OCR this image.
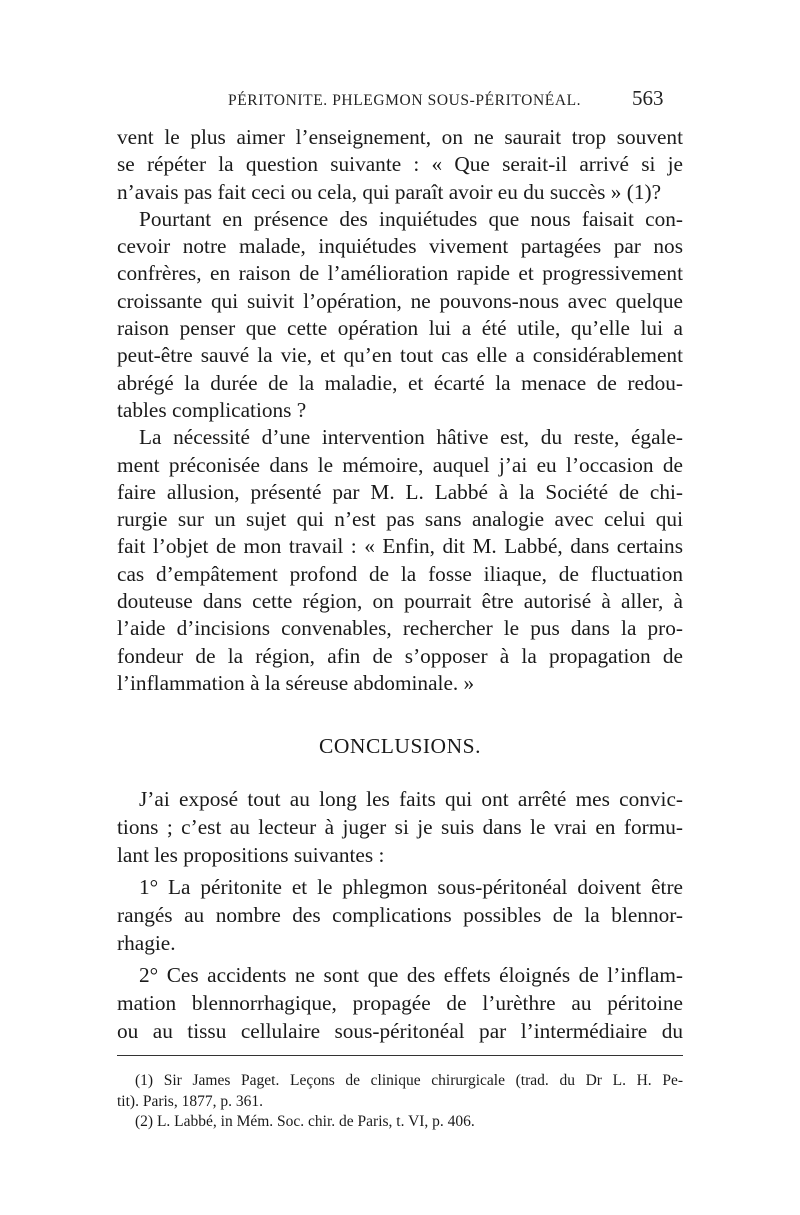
PÉRITONITE. PHLEGMON SOUS-PÉRITONÉAL. 563
vent le plus aimer l’enseignement, on ne saurait trop souvent
se répéter la question suivante : « Que serait-il arrivé si je
n’avais pas fait ceci ou cela, qui paraît avoir eu du succès » (1)?
Pourtant en présence des inquiétudes que nous faisait con-
cevoir notre malade, inquiétudes vivement partagées par nos
confrères, en raison de l’amélioration rapide et progressivement
croissante qui suivit l’opération, ne pouvons-nous avec quelque
raison penser que cette opération lui a été utile, qu’elle lui a
peut-être sauvé la vie, et qu’en tout cas elle a considérablement
abrégé la durée de la maladie, et écarté la menace de redou-
tables complications ?
La nécessité d’une intervention hâtive est, du reste, égale-
ment préconisée dans le mémoire, auquel j’ai eu l’occasion de
faire allusion, présenté par M. L. Labbé à la Société de chi-
rurgie sur un sujet qui n’est pas sans analogie avec celui qui
fait l’objet de mon travail : « Enfin, dit M. Labbé, dans certains
cas d’empâtement profond de la fosse iliaque, de fluctuation
douteuse dans cette région, on pourrait être autorisé à aller, à
l’aide d’incisions convenables, rechercher le pus dans la pro-
fondeur de la région, afin de s’opposer à la propagation de
l’inflammation à la séreuse abdominale. »
CONCLUSIONS.
J’ai exposé tout au long les faits qui ont arrêté mes convic-
tions ; c’est au lecteur à juger si je suis dans le vrai en formu-
lant les propositions suivantes :
1° La péritonite et le phlegmon sous-péritonéal doivent être
rangés au nombre des complications possibles de la blennor-
rhagie.
2° Ces accidents ne sont que des effets éloignés de l’inflam-
mation blennorrhagique, propagée de l’urèthre au péritoine
ou au tissu cellulaire sous-péritonéal par l’intermédiaire du
(1) Sir James Paget. Leçons de clinique chirurgicale (trad. du Dr L. H. Pe-
tit). Paris, 1877, p. 361.
(2) L. Labbé, in Mém. Soc. chir. de Paris, t. VI, p. 406.
